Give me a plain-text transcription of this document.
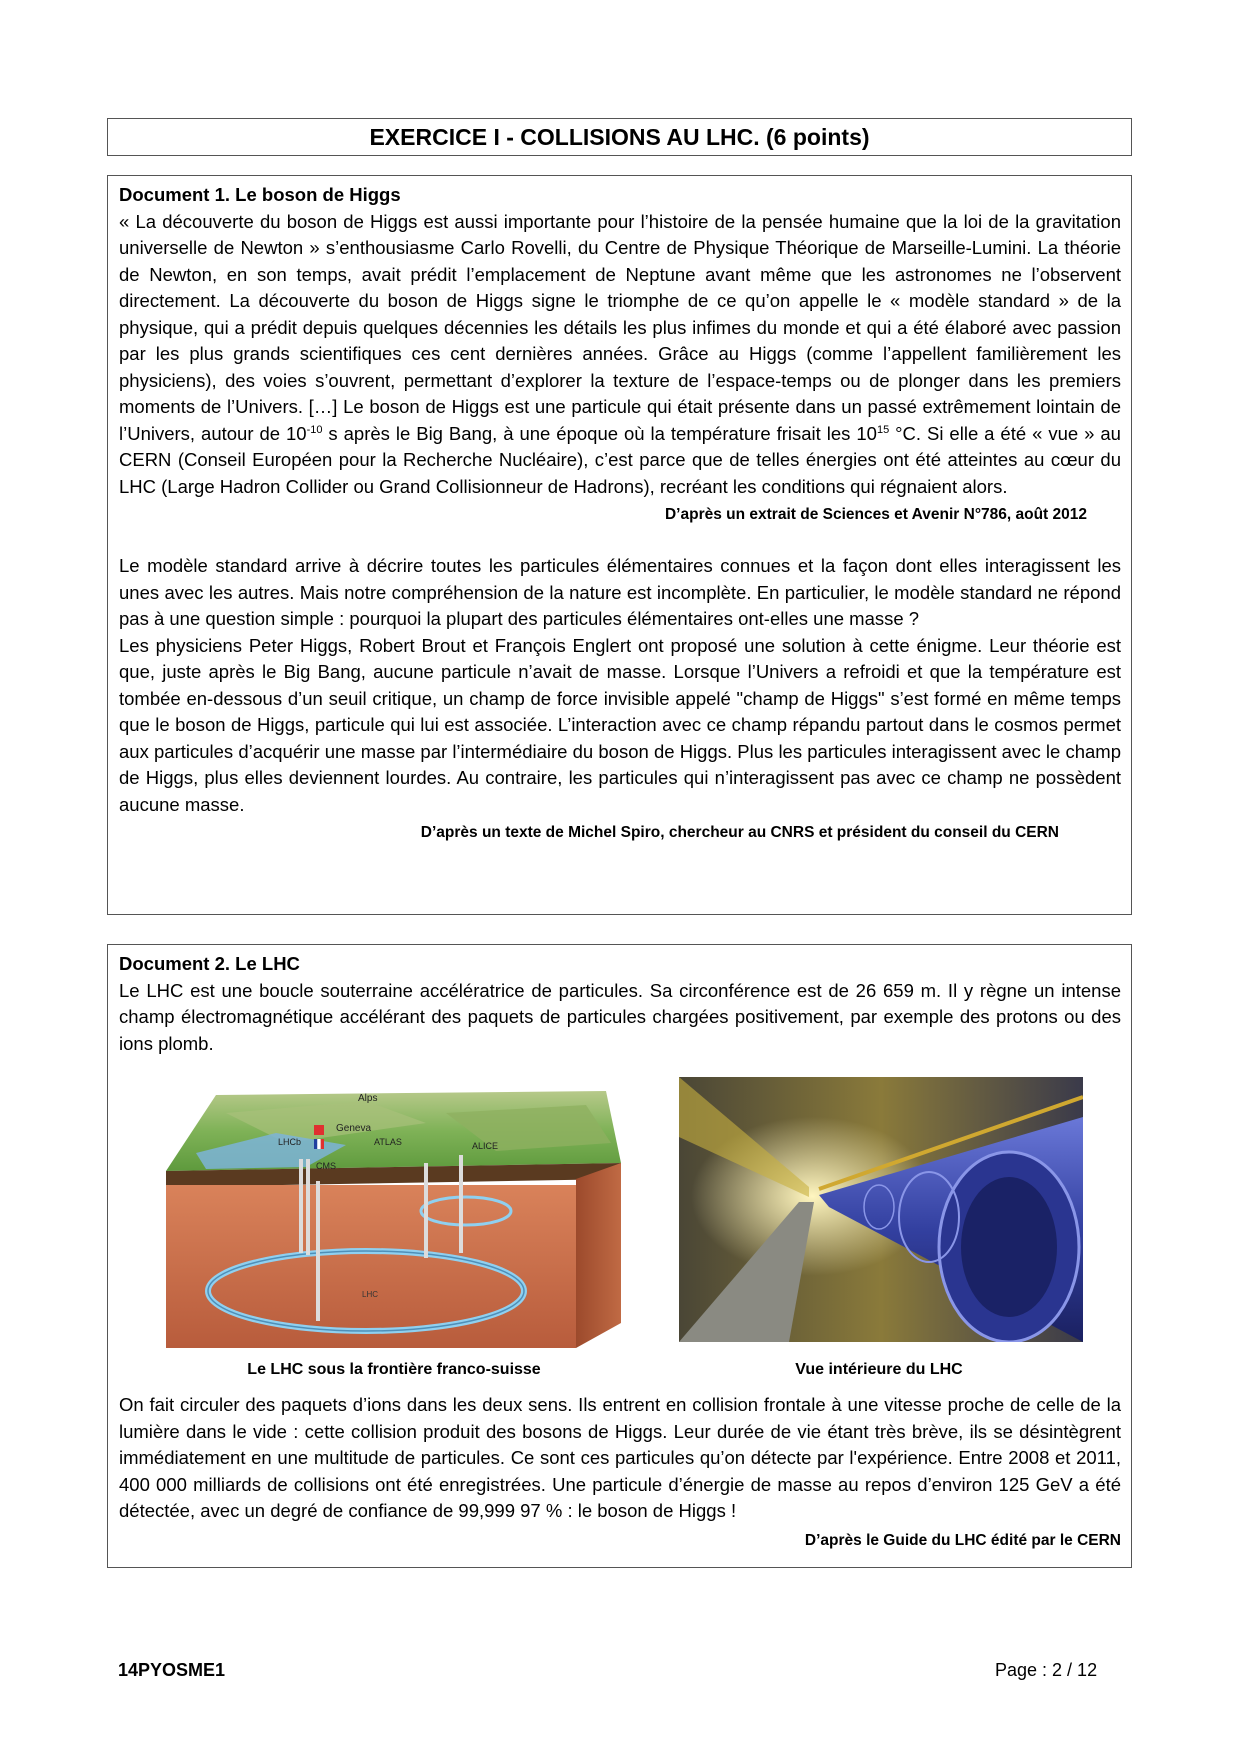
EXERCICE I - COLLISIONS AU LHC. (6 points)
Document 1. Le boson de Higgs

« La découverte du boson de Higgs est aussi importante pour l’histoire de la pensée humaine que la loi de la gravitation universelle de Newton » s’enthousiasme Carlo Rovelli, du Centre de Physique Théorique de Marseille-Lumini. La théorie de Newton, en son temps, avait prédit l’emplacement de Neptune avant même que les astronomes ne l’observent directement. La découverte du boson de Higgs signe le triomphe de ce qu’on appelle le « modèle standard » de la physique, qui a prédit depuis quelques décennies les détails les plus infimes du monde et qui a été élaboré avec passion par les plus grands scientifiques ces cent dernières années. Grâce au Higgs (comme l’appellent familièrement les physiciens), des voies s’ouvrent, permettant d’explorer la texture de l’espace-temps ou de plonger dans les premiers moments de l’Univers. […] Le boson de Higgs est une particule qui était présente dans un passé extrêmement lointain de l’Univers, autour de $10^{-10}$ s après le Big Bang, à une époque où la température frisait les $10^{15}$ °C. Si elle a été « vue » au CERN (Conseil Européen pour la Recherche Nucléaire), c’est parce que de telles énergies ont été atteintes au cœur du LHC (Large Hadron Collider ou Grand Collisionneur de Hadrons), recréant les conditions qui régnaient alors.

D’après un extrait de Sciences et Avenir N°786, août 2012

Le modèle standard arrive à décrire toutes les particules élémentaires connues et la façon dont elles interagissent les unes avec les autres. Mais notre compréhension de la nature est incomplète. En particulier, le modèle standard ne répond pas à une question simple : pourquoi la plupart des particules élémentaires ont-elles une masse ?

Les physiciens Peter Higgs, Robert Brout et François Englert ont proposé une solution à cette énigme. Leur théorie est que, juste après le Big Bang, aucune particule n’avait de masse. Lorsque l’Univers a refroidi et que la température est tombée en-dessous d’un seuil critique, un champ de force invisible appelé "champ de Higgs" s’est formé en même temps que le boson de Higgs, particule qui lui est associée. L’interaction avec ce champ répandu partout dans le cosmos permet aux particules d’acquérir une masse par l’intermédiaire du boson de Higgs. Plus les particules interagissent avec le champ de Higgs, plus elles deviennent lourdes. Au contraire, les particules qui n’interagissent pas avec ce champ ne possèdent aucune masse.

D’après un texte de Michel Spiro, chercheur au CNRS et président du conseil du CERN
Document 2. Le LHC

Le LHC est une boucle souterraine accélératrice de particules. Sa circonférence est de 26 659 m. Il y règne un intense champ électromagnétique accélérant des paquets de particules chargées positivement, par exemple des protons ou des ions plomb.

Alps
Geneva
LHCb	ATLAS	ALICE
CMS
LHC
Le LHC sous la frontière franco-suisse	Vue intérieure du LHC

On fait circuler des paquets d’ions dans les deux sens. Ils entrent en collision frontale à une vitesse proche de celle de la lumière dans le vide : cette collision produit des bosons de Higgs. Leur durée de vie étant très brève, ils se désintègrent immédiatement en une multitude de particules. Ce sont ces particules qu’on détecte par l'expérience. Entre 2008 et 2011, 400 000 milliards de collisions ont été enregistrées. Une particule d’énergie de masse au repos d’environ 125 GeV a été détectée, avec un degré de confiance de 99,999 97 % : le boson de Higgs !

D’après le Guide du LHC édité par le CERN
14PYOSME1	Page : 2 / 12
